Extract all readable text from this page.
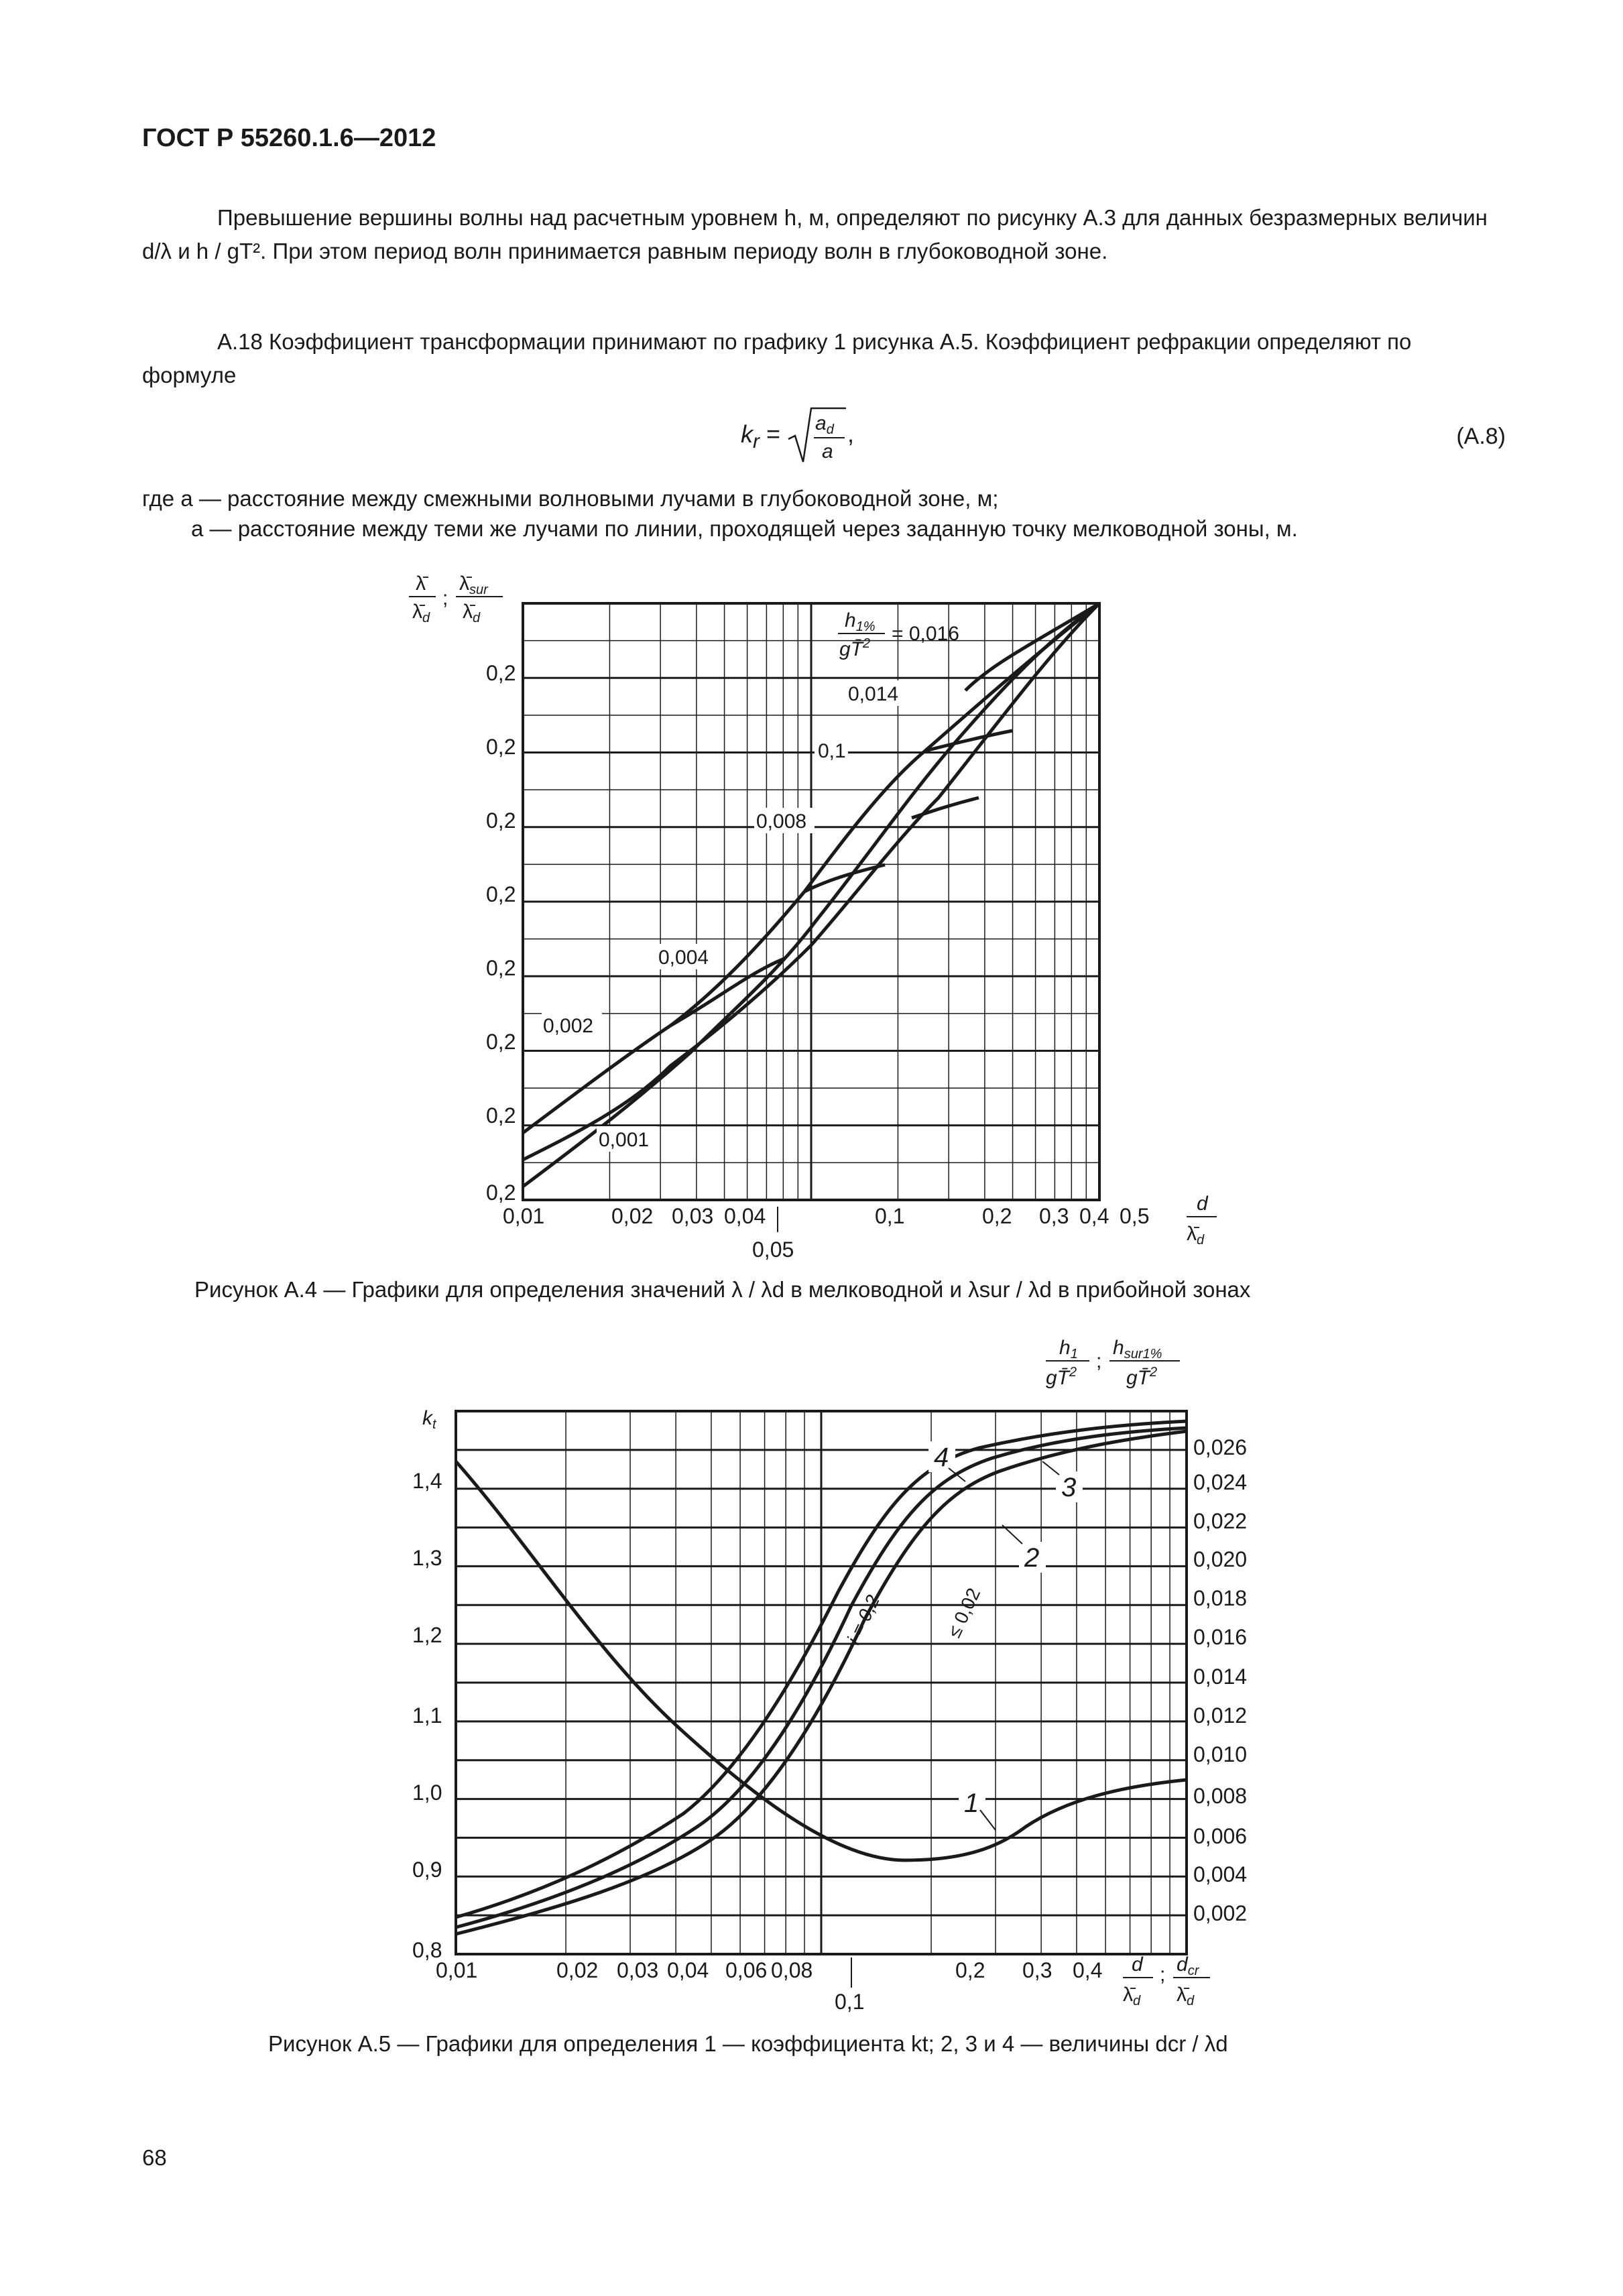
ГОСТ Р 55260.1.6—2012
Превышение вершины волны над расчетным уровнем h, м, определяют по рисунку А.3 для данных безразмерных величин d/λ и h / gT². При этом период волн принимается равным периоду волн в глубоководной зоне.
А.18 Коэффициент трансформации принимают по графику 1 рисунка А.5. Коэффициент рефракции определяют по формуле
$k_r = a_d$
a
,	(А.8)
где a — расстояние между смежными волновыми лучами в глубоководной зоне, м;
a — расстояние между теми же лучами по линии, проходящей через заданную точку мелководной зоны, м.
λ̄
$\lambdā_d$
;
$\lambdā_{sur}$
$\lambdā_d$
0,2
0,2
0,2
0,2
0,2
0,2
0,2
0,2
0,01	0,02 0,03 0,04
0,05
0,1	0,2 0,3 0,4 0,5
d
$\lambdā_d$
$h_{1\%}$
gT̄$^2$ = 0,016
0,014
0,1
0,008
0,004
0,002
0,001
Рисунок А.4 — Графики для определения значений λ / λd в мелководной и λsur / λd в прибойной зонах
$h_1$
gT̄$^2$ ;
$h_{sur1\%}$
gT̄$^2$
$k_t$
1,4
1,3
1,2
1,1
1,0
0,9
0,8
0,026
0,024
0,022
0,020
0,018
0,016
0,014
0,012
0,010
0,008
0,006
0,004
0,002
0,01	0,02 0,03 0,04 0,06 0,08
0,1
0,2 0,3 0,4 d
$\lambdā_d$
; $d_{cr}$
$\lambdā_d$
1
2
3
4
i = 0,2	≤ 0,02
Рисунок А.5 — Графики для определения 1 — коэффициента kt; 2, 3 и 4 — величины dcr / λd
68
